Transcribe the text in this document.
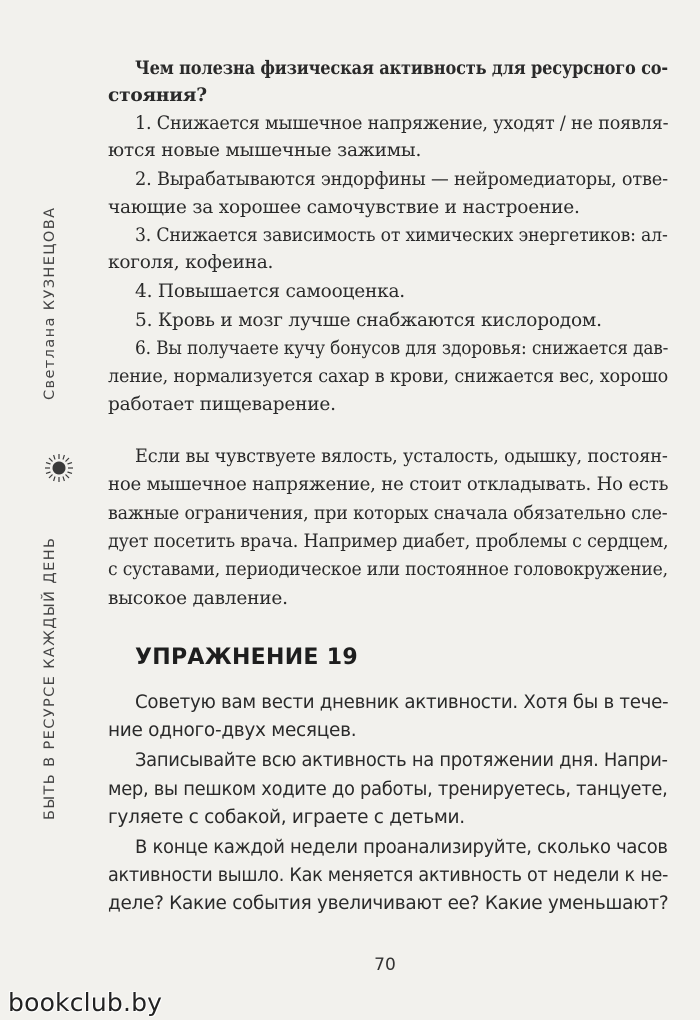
Светлана КУЗНЕЦОВА
БЫТЬ В РЕСУРСЕ КАЖДЫЙ ДЕНЬ
Чем полезна физическая активность для ресурсного со-
стояния?
1. Снижается мышечное напряжение, уходят / не появля-
ются новые мышечные зажимы.
2. Вырабатываются эндорфины — нейромедиаторы, отве-
чающие за хорошее самочувствие и настроение.
3. Снижается зависимость от химических энергетиков: ал-
коголя, кофеина.
4. Повышается самооценка.
5. Кровь и мозг лучше снабжаются кислородом.
6. Вы получаете кучу бонусов для здоровья: снижается дав-
ление, нормализуется сахар в крови, снижается вес, хорошо
работает пищеварение.
Если вы чувствуете вялость, усталость, одышку, постоян-
ное мышечное напряжение, не стоит откладывать. Но есть
важные ограничения, при которых сначала обязательно сле-
дует посетить врача. Например диабет, проблемы с сердцем,
с суставами, периодическое или постоянное головокружение,
высокое давление.
УПРАЖНЕНИЕ 19
Советую вам вести дневник активности. Хотя бы в тече-
ние одного-двух месяцев.
Записывайте всю активность на протяжении дня. Напри-
мер, вы пешком ходите до работы, тренируетесь, танцуете,
гуляете с собакой, играете с детьми.
В конце каждой недели проанализируйте, сколько часов
активности вышло. Как меняется активность от недели к не-
деле? Какие события увеличивают ее? Какие уменьшают?
70
bookclub.by
